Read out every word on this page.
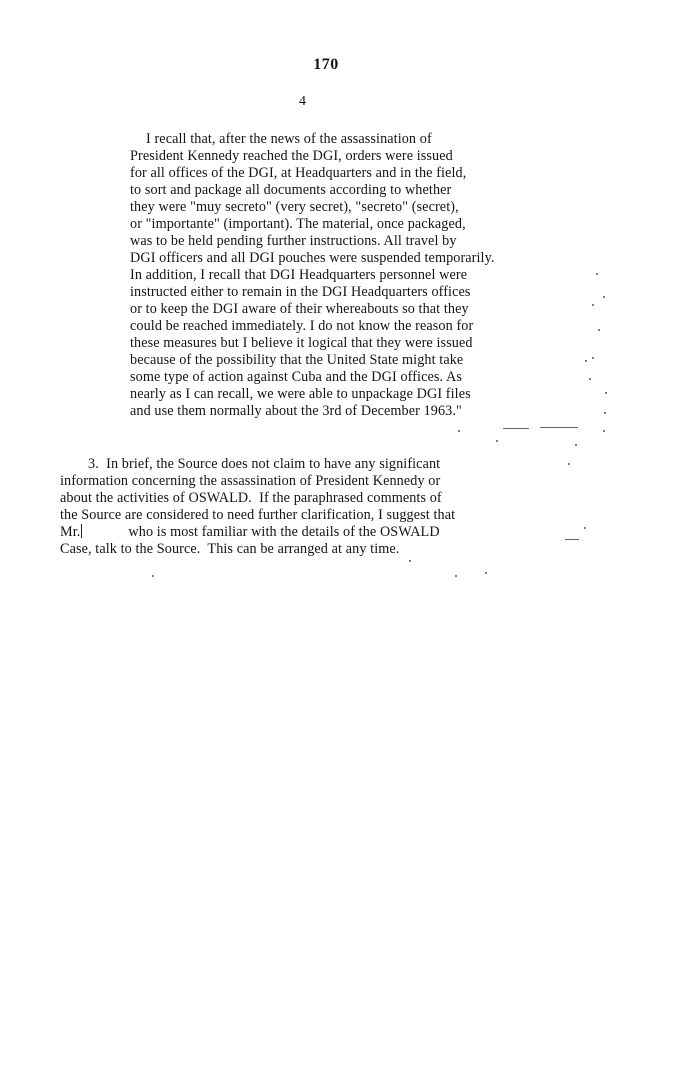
170
4
I recall that, after the news of the assassination of
President Kennedy reached the DGI, orders were issued
for all offices of the DGI, at Headquarters and in the field,
to sort and package all documents according to whether
they were "muy secreto" (very secret), "secreto" (secret),
or "importante" (important). The material, once packaged,
was to be held pending further instructions. All travel by
DGI officers and all DGI pouches were suspended temporarily.
In addition, I recall that DGI Headquarters personnel were
instructed either to remain in the DGI Headquarters offices
or to keep the DGI aware of their whereabouts so that they
could be reached immediately. I do not know the reason for
these measures but I believe it logical that they were issued
because of the possibility that the United State might take
some type of action against Cuba and the DGI offices. As
nearly as I can recall, we were able to unpackage DGI files
and use them normally about the 3rd of December 1963."
3.  In brief, the Source does not claim to have any significant
information concerning the assassination of President Kennedy or
about the activities of OSWALD.  If the paraphrased comments of
the Source are considered to need further clarification, I suggest that
Mr.	who is most familiar with the details of the OSWALD
Case, talk to the Source.  This can be arranged at any time.
